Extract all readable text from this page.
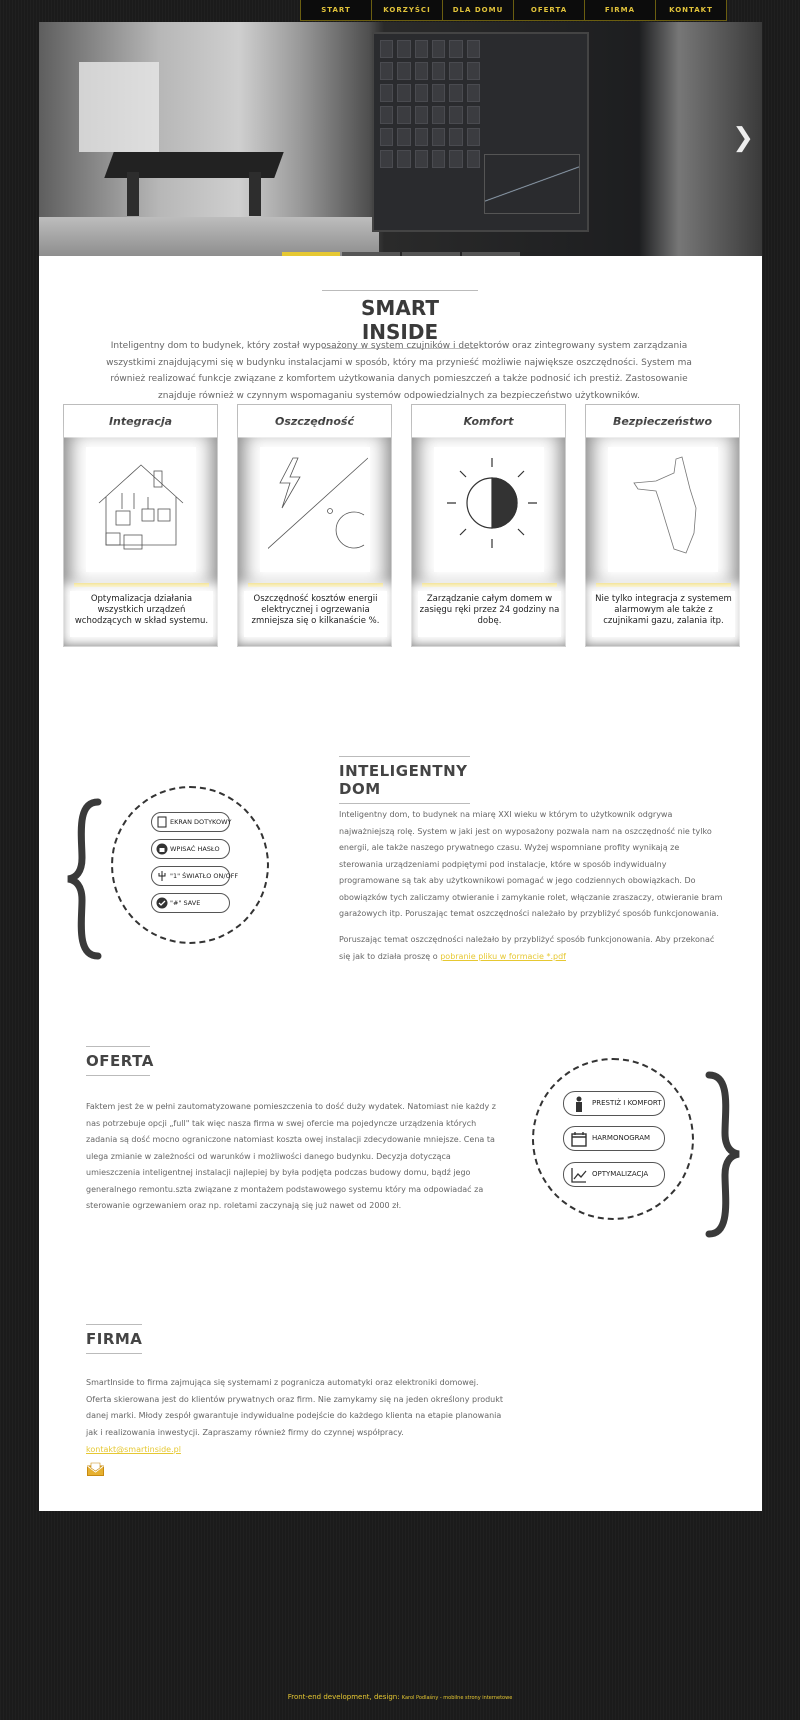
START	KORZYŚCI	DLA DOMU	OFERTA	FIRMA	KONTAKT
❯
SMART INSIDE

Inteligentny dom to budynek, który został wyposażony w system czujników i detektorów oraz zintegrowany system zarządzania wszystkimi znajdującymi się w budynku instalacjami w sposób, który ma przynieść możliwie największe oszczędności. System ma również realizować funkcje związane z komfortem użytkowania danych pomieszczeń a także podnosić ich prestiż. Zastosowanie znajduje również w czynnym wspomaganiu systemów odpowiedzialnych za bezpieczeństwo użytkowników.

Integracja
Optymalizacja działania wszystkich urządzeń wchodzących w skład systemu.
Oszczędność
Oszczędność kosztów energii elektrycznej i ogrzewania zmniejsza się o kilkanaście %.
Komfort
Zarządzanie całym domem w zasięgu ręki przez 24 godziny na dobę.
Bezpieczeństwo
Nie tylko integracja z systemem alarmowym ale także z czujnikami gazu, zalania itp.
EKRAN DOTYKOWY
WPISAĆ HASŁO
"1" ŚWIATŁO ON/OFF
"#" SAVE
INTELIGENTNY DOM

Inteligentny dom, to budynek na miarę XXI wieku w którym to użytkownik odgrywa najważniejszą rolę. System w jaki jest on wyposażony pozwala nam na oszczędność nie tylko energii, ale także naszego prywatnego czasu. Wyżej wspomniane profity wynikają ze sterowania urządzeniami podpiętymi pod instalacje, które w sposób indywidualny programowane są tak aby użytkownikowi pomagać w jego codziennych obowiązkach. Do obowiązków tych zaliczamy otwieranie i zamykanie rolet, włączanie zraszaczy, otwieranie bram garażowych itp. Poruszając temat oszczędności należało by przybliżyć sposób funkcjonowania.

Poruszając temat oszczędności należało by przybliżyć sposób funkcjonowania. Aby przekonać się jak to działa proszę o pobranie pliku w formacie *.pdf

OFERTA

Faktem jest że w pełni zautomatyzowane pomieszczenia to dość duży wydatek. Natomiast nie każdy z nas potrzebuje opcji „full" tak więc nasza firma w swej ofercie ma pojedyncze urządzenia których zadania są dość mocno ograniczone natomiast koszta owej instalacji zdecydowanie mniejsze. Cena ta ulega zmianie w zależności od warunków i możliwości danego budynku. Decyzja dotycząca umieszczenia inteligentnej instalacji najlepiej by była podjęta podczas budowy domu, bądź jego generalnego remontu.szta związane z montażem podstawowego systemu który ma odpowiadać za sterowanie ogrzewaniem oraz np. roletami zaczynają się już nawet od 2000 zł.

PRESTIŻ I KOMFORT
HARMONOGRAM
OPTYMALIZACJA
FIRMA

SmartInside to firma zajmująca się systemami z pogranicza automatyki oraz elektroniki domowej. Oferta skierowana jest do klientów prywatnych oraz firm. Nie zamykamy się na jeden określony produkt danej marki. Młody zespół gwarantuje indywidualne podejście do każdego klienta na etapie planowania jak i realizowania inwestycji. Zapraszamy również firmy do czynnej współpracy.

kontakt@smartinside.pl
Front-end development, design: Karol Podlaśny - mobilne strony internetowe
